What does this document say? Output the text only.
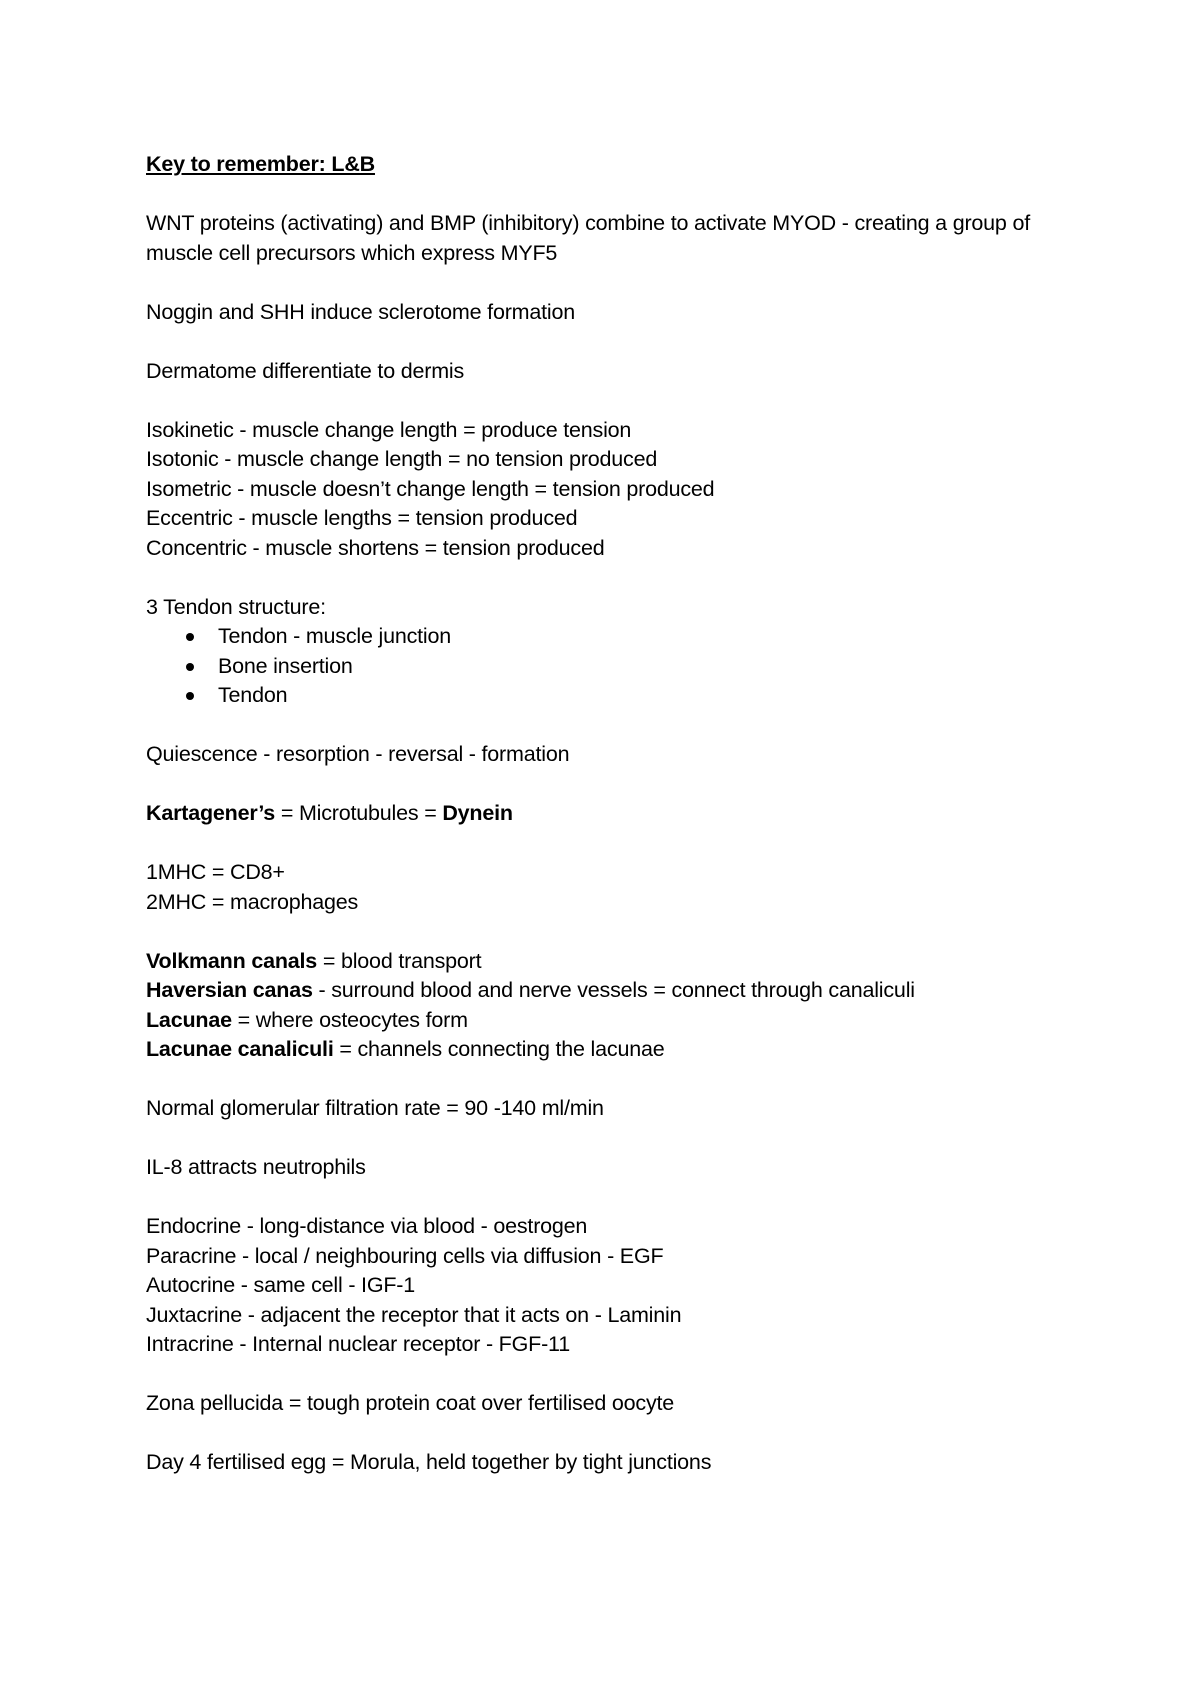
Key to remember: L&B

WNT proteins (activating) and BMP (inhibitory) combine to activate MYOD - creating a group of muscle cell precursors which express MYF5

Noggin and SHH induce sclerotome formation

Dermatome differentiate to dermis

Isokinetic - muscle change length = produce tension

Isotonic - muscle change length = no tension produced

Isometric - muscle doesn’t change length = tension produced

Eccentric - muscle lengths = tension produced

Concentric - muscle shortens = tension produced

3 Tendon structure:

Tendon - muscle junction
Bone insertion
Tendon

Quiescence - resorption - reversal - formation

Kartagener’s = Microtubules = Dynein

1MHC = CD8+

2MHC = macrophages

Volkmann canals = blood transport

Haversian canas - surround blood and nerve vessels = connect through canaliculi

Lacunae = where osteocytes form

Lacunae canaliculi = channels connecting the lacunae

Normal glomerular filtration rate = 90 -140 ml/min

IL-8 attracts neutrophils

Endocrine - long-distance via blood - oestrogen

Paracrine - local / neighbouring cells via diffusion - EGF

Autocrine - same cell - IGF-1

Juxtacrine - adjacent the receptor that it acts on - Laminin

Intracrine - Internal nuclear receptor - FGF-11

Zona pellucida = tough protein coat over fertilised oocyte

Day 4 fertilised egg = Morula, held together by tight junctions
